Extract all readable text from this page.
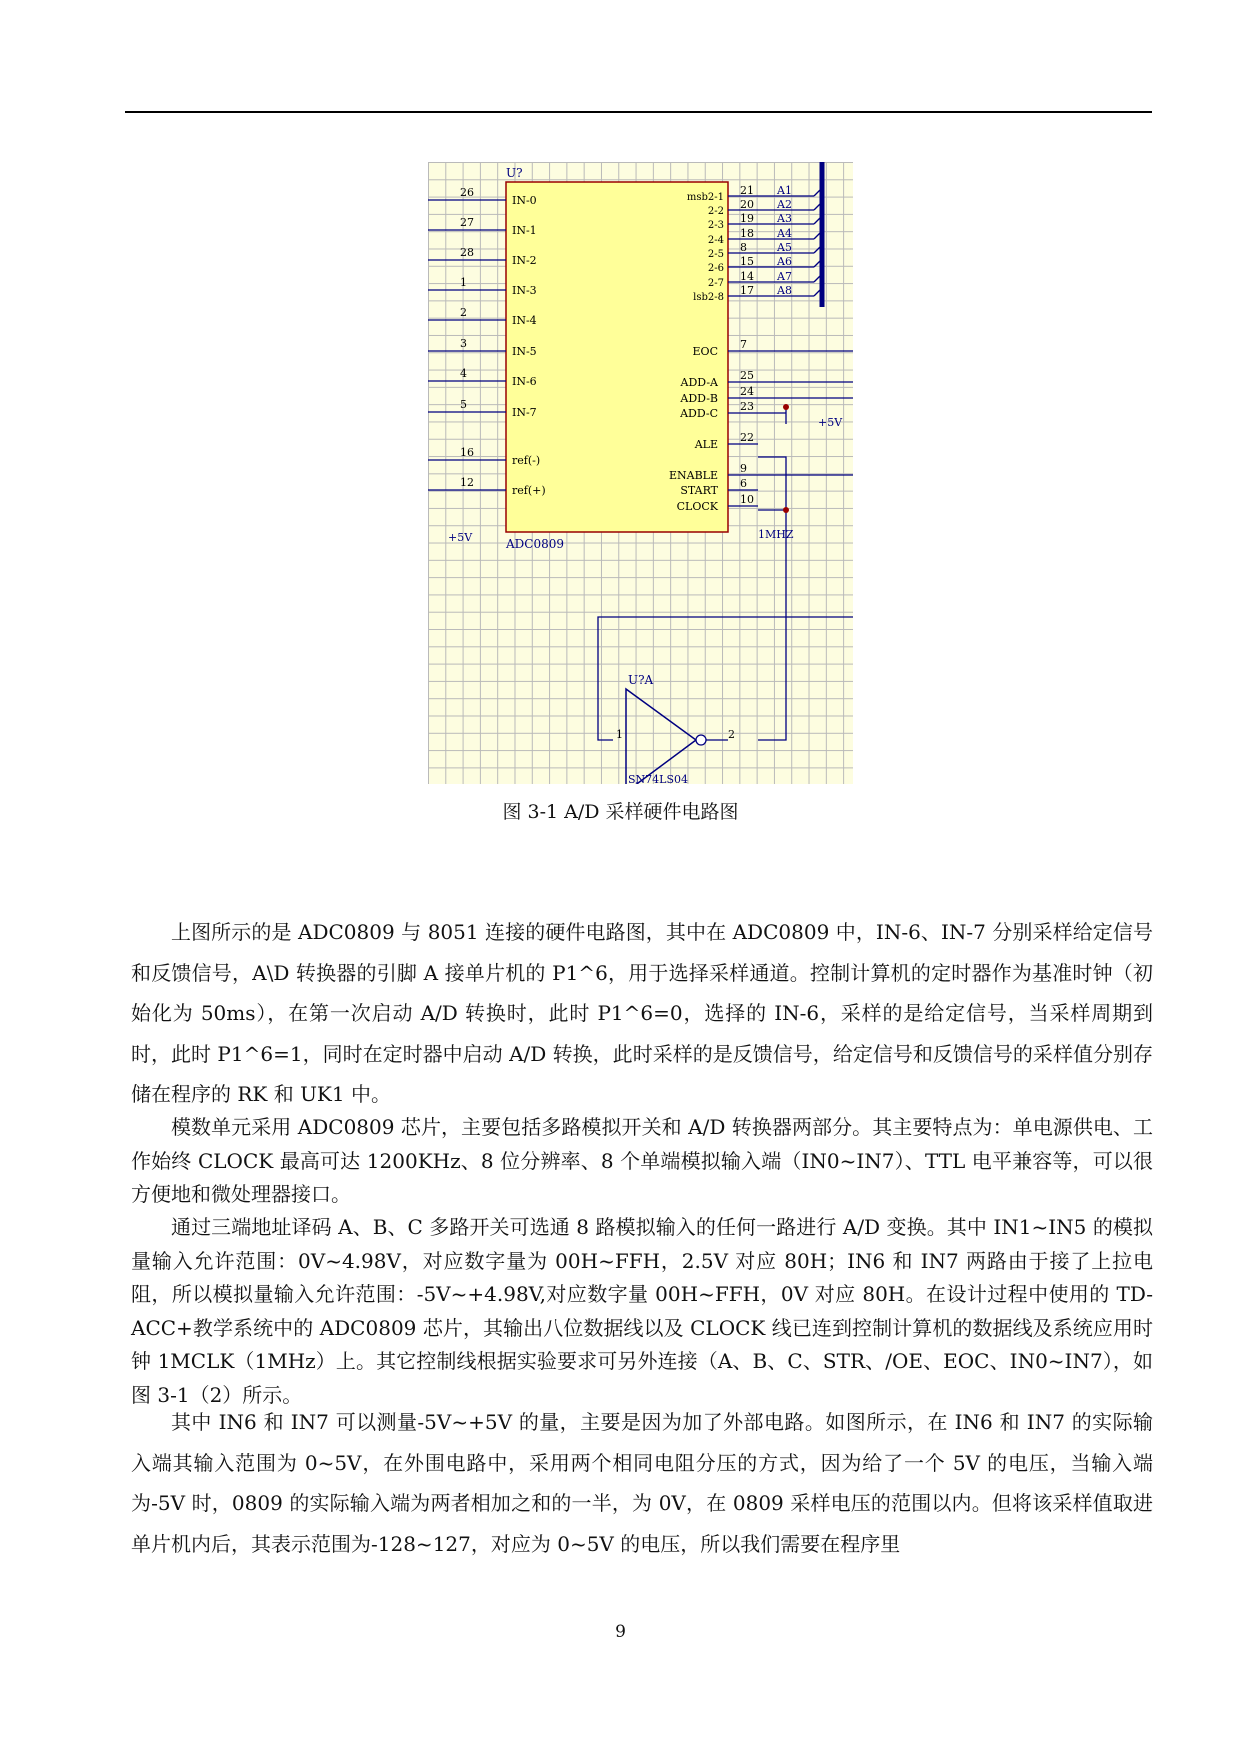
U?
ADC0809
26
IN-0
27
IN-1
28
IN-2
1
IN-3
2
IN-4
3
IN-5
4
IN-6
5
IN-7
16
ref(-)
12
ref(+)
+5V
msb2-1
21 A1
2-2
20 A2
2-3
19 A3
2-4
18 A4
2-5
8	A5
2-6
15 A6
2-7
14 A7
lsb2-8
17 A8
EOC
7
ADD-A
25
ADD-B
24
ADD-C
23
ALE
22
ENABLE
9
START
6
CLOCK
10
+5V
1MHZ
U?A
1	2
SN74LS04
图 3-1 A/D 采样硬件电路图

上图所示的是 ADC0809 与 8051 连接的硬件电路图，其中在 ADC0809 中，IN-6、IN-7 分别采样给定信号和反馈信号，A\D 转换器的引脚 A 接单片机的 P1^6，用于选择采样通道。控制计算机的定时器作为基准时钟（初始化为 50ms），在第一次启动 A/D 转换时，此时 P1^6=0，选择的 IN-6，采样的是给定信号，当采样周期到时，此时 P1^6=1，同时在定时器中启动 A/D 转换，此时采样的是反馈信号，给定信号和反馈信号的采样值分别存储在程序的 RK 和 UK1 中。

模数单元采用 ADC0809 芯片，主要包括多路模拟开关和 A/D 转换器两部分。其主要特点为：单电源供电、工作始终 CLOCK 最高可达 1200KHz、8 位分辨率、8 个单端模拟输入端（IN0~IN7）、TTL 电平兼容等，可以很方便地和微处理器接口。

通过三端地址译码 A、B、C 多路开关可选通 8 路模拟输入的任何一路进行 A/D 变换。其中 IN1~IN5 的模拟量输入允许范围：0V~4.98V，对应数字量为 00H~FFH，2.5V 对应 80H；IN6 和 IN7 两路由于接了上拉电阻，所以模拟量输入允许范围：-5V~+4.98V,对应数字量 00H~FFH，0V 对应 80H。在设计过程中使用的 TD-ACC+教学系统中的 ADC0809 芯片，其输出八位数据线以及 CLOCK 线已连到控制计算机的数据线及系统应用时钟 1MCLK（1MHz）上。其它控制线根据实验要求可另外连接（A、B、C、STR、/OE、EOC、IN0~IN7），如图 3-1（2）所示。

其中 IN6 和 IN7 可以测量-5V~+5V 的量，主要是因为加了外部电路。如图所示，在 IN6 和 IN7 的实际输入端其输入范围为 0~5V，在外围电路中，采用两个相同电阻分压的方式，因为给了一个 5V 的电压，当输入端为-5V 时，0809 的实际输入端为两者相加之和的一半，为 0V，在 0809 采样电压的范围以内。但将该采样值取进单片机内后，其表示范围为-128~127，对应为 0~5V 的电压，所以我们需要在程序里

9
